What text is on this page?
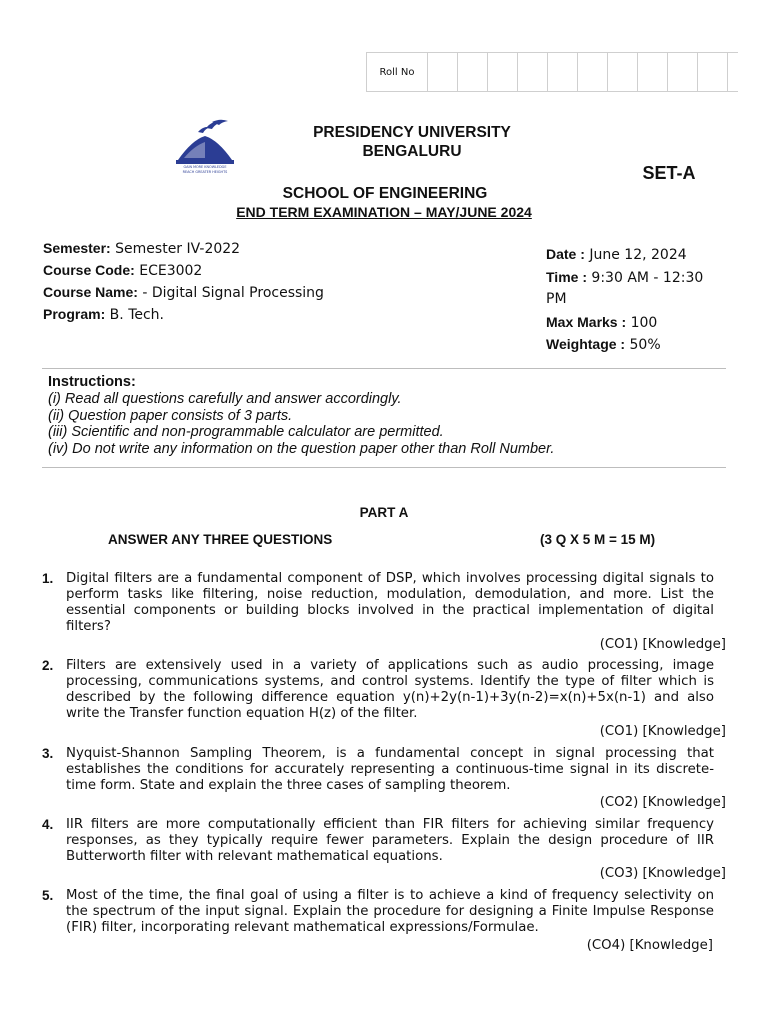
Roll No
GAIN MORE KNOWLEDGE
REACH GREATER HEIGHTS
PRESIDENCY UNIVERSITY
BENGALURU
SET-A
SCHOOL OF ENGINEERING
END TERM EXAMINATION – MAY/JUNE 2024
Semester: Semester IV-2022
Course Code: ECE3002
Course Name: - Digital Signal Processing
Program: B. Tech.
Date : June 12, 2024
Time : 9:30 AM - 12:30
PM
Max Marks : 100
Weightage : 50%
Instructions:
(i) Read all questions carefully and answer accordingly.
(ii) Question paper consists of 3 parts.
(iii) Scientific and non-programmable calculator are permitted.
(iv) Do not write any information on the question paper other than Roll Number.
PART A
ANSWER ANY THREE QUESTIONS	(3 Q X 5 M = 15 M)
1. Digital filters are a fundamental component of DSP, which involves processing digital signals to perform tasks like filtering, noise reduction, modulation, demodulation, and more. List the essential components or building blocks involved in the practical implementation of digital filters?
(CO1) [Knowledge]
2. Filters are extensively used in a variety of applications such as audio processing, image processing, communications systems, and control systems. Identify the type of filter which is described by the following difference equation y(n)+2y(n-1)+3y(n-2)=x(n)+5x(n-1) and also write the Transfer function equation H(z) of the filter.
(CO1) [Knowledge]
3. Nyquist-Shannon Sampling Theorem, is a fundamental concept in signal processing that establishes the conditions for accurately representing a continuous-time signal in its discrete-time form. State and explain the three cases of sampling theorem.
(CO2) [Knowledge]
4. IIR filters are more computationally efficient than FIR filters for achieving similar frequency responses, as they typically require fewer parameters. Explain the design procedure of IIR Butterworth filter with relevant mathematical equations.
(CO3) [Knowledge]
5. Most of the time, the final goal of using a filter is to achieve a kind of frequency selectivity on the spectrum of the input signal. Explain the procedure for designing a Finite Impulse Response (FIR) filter, incorporating relevant mathematical expressions/Formulae.
(CO4) [Knowledge]
